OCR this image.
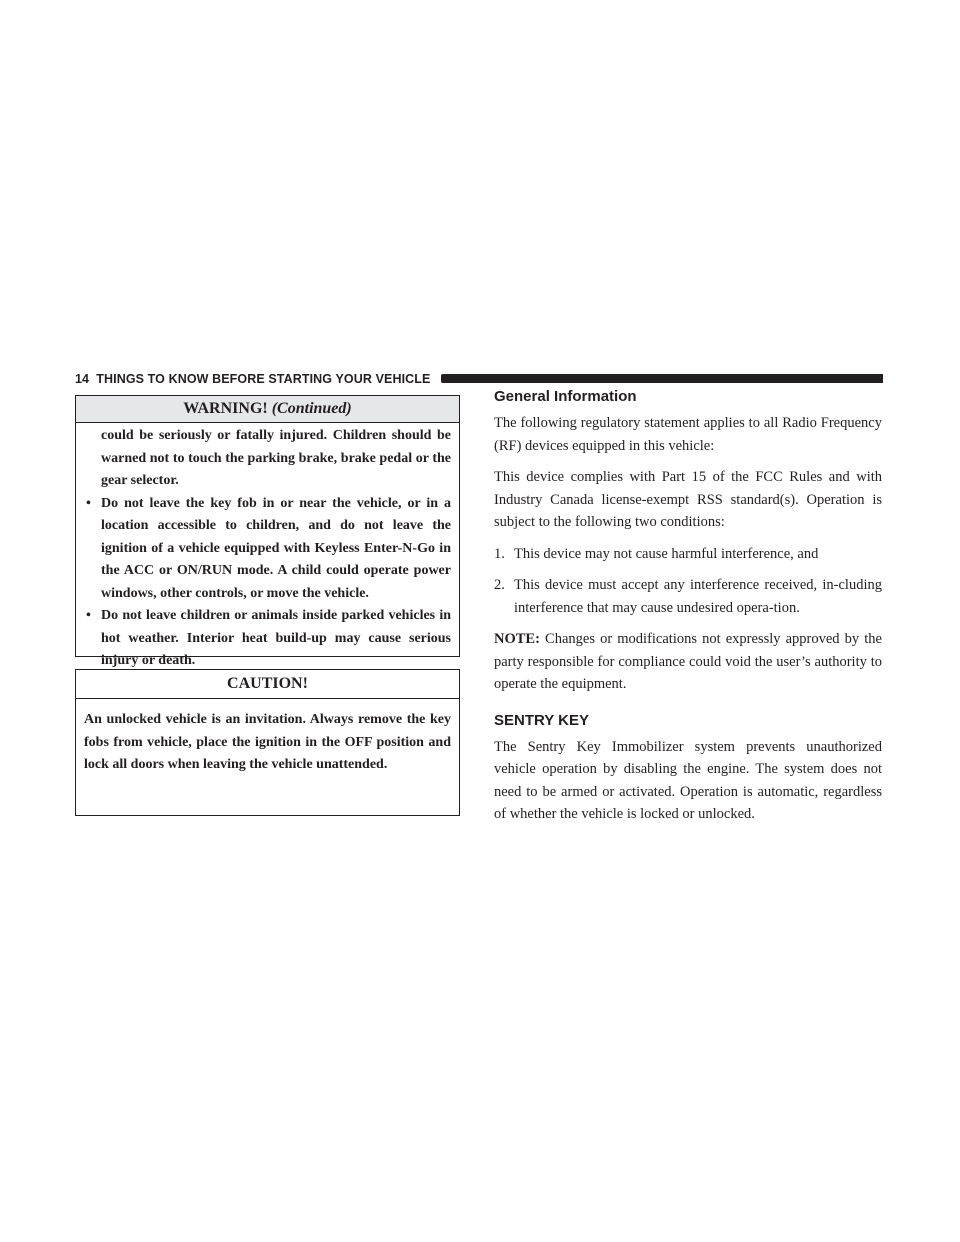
14 THINGS TO KNOW BEFORE STARTING YOUR VEHICLE
WARNING! (Continued)

could be seriously or fatally injured. Children should be warned not to touch the parking brake, brake pedal or the gear selector.

• Do not leave the key fob in or near the vehicle, or in a location accessible to children, and do not leave the ignition of a vehicle equipped with Keyless Enter-N-Go in the ACC or ON/RUN mode. A child could operate power windows, other controls, or move the vehicle.

• Do not leave children or animals inside parked vehicles in hot weather. Interior heat build-up may cause serious injury or death.

CAUTION!

An unlocked vehicle is an invitation. Always remove the key fobs from vehicle, place the ignition in the OFF position and lock all doors when leaving the vehicle unattended.

General Information

The following regulatory statement applies to all Radio Frequency (RF) devices equipped in this vehicle:

This device complies with Part 15 of the FCC Rules and with Industry Canada license-exempt RSS standard(s). Operation is subject to the following two conditions:

1. This device may not cause harmful interference, and

2. This device must accept any interference received, in-cluding interference that may cause undesired opera-tion.

NOTE: Changes or modifications not expressly approved by the party responsible for compliance could void the user’s authority to operate the equipment.

SENTRY KEY

The Sentry Key Immobilizer system prevents unauthorized vehicle operation by disabling the engine. The system does not need to be armed or activated. Operation is automatic, regardless of whether the vehicle is locked or unlocked.
